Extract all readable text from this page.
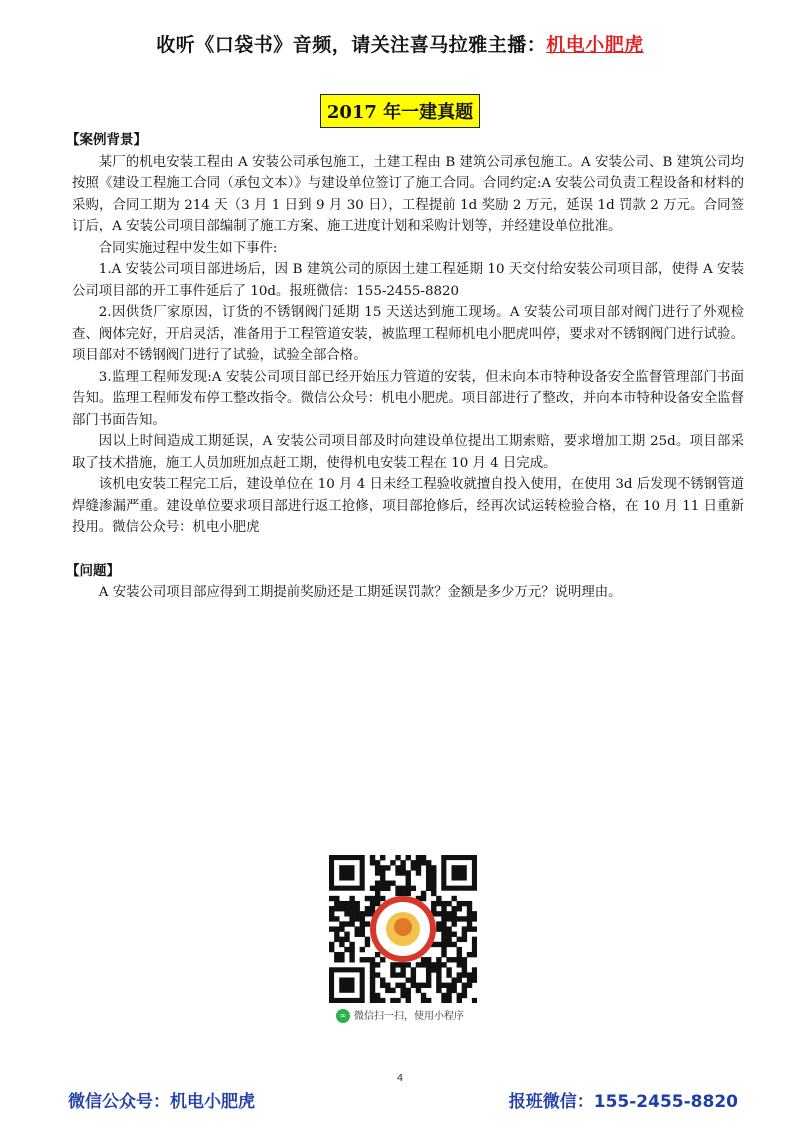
收听《口袋书》音频，请关注喜马拉雅主播：机电小肥虎
2017 年一建真题
【案例背景】

某厂的机电安装工程由 A 安装公司承包施工，土建工程由 B 建筑公司承包施工。A 安装公司、B 建筑公司均按照《建设工程施工合同（承包文本）》与建设单位签订了施工合同。合同约定:A 安装公司负责工程设备和材料的采购，合同工期为 214 天（3 月 1 日到 9 月 30 日），工程提前 1d 奖励 2 万元，延误 1d 罚款 2 万元。合同签订后，A 安装公司项目部编制了施工方案、施工进度计划和采购计划等，并经建设单位批准。

合同实施过程中发生如下事件:

1.A 安装公司项目部进场后，因 B 建筑公司的原因土建工程延期 10 天交付给安装公司项目部，使得 A 安装公司项目部的开工事件延后了 10d。报班微信：155-2455-8820

2.因供货厂家原因，订货的不锈钢阀门延期 15 天送达到施工现场。A 安装公司项目部对阀门进行了外观检查、阀体完好，开启灵活，准备用于工程管道安装，被监理工程师机电小肥虎叫停，要求对不锈钢阀门进行试验。项目部对不锈钢阀门进行了试验，试验全部合格。

3.监理工程师发现:A 安装公司项目部已经开始压力管道的安装，但未向本市特种设备安全监督管理部门书面告知。监理工程师发布停工整改指令。微信公众号：机电小肥虎。项目部进行了整改，并向本市特种设备安全监督部门书面告知。

因以上时间造成工期延误，A 安装公司项目部及时向建设单位提出工期索赔，要求增加工期 25d。项目部采取了技术措施，施工人员加班加点赶工期，使得机电安装工程在 10 月 4 日完成。

该机电安装工程完工后，建设单位在 10 月 4 日未经工程验收就擅自投入使用，在使用 3d 后发现不锈钢管道焊缝渗漏严重。建设单位要求项目部进行返工抢修，项目部抢修后，经再次试运转检验合格，在 10 月 11 日重新投用。微信公众号：机电小肥虎

【问题】

A 安装公司项目部应得到工期提前奖励还是工期延误罚款？金额是多少万元？说明理由。

∞ 微信扫一扫，使用小程序
4
微信公众号：机电小肥虎	报班微信：155-2455-8820
